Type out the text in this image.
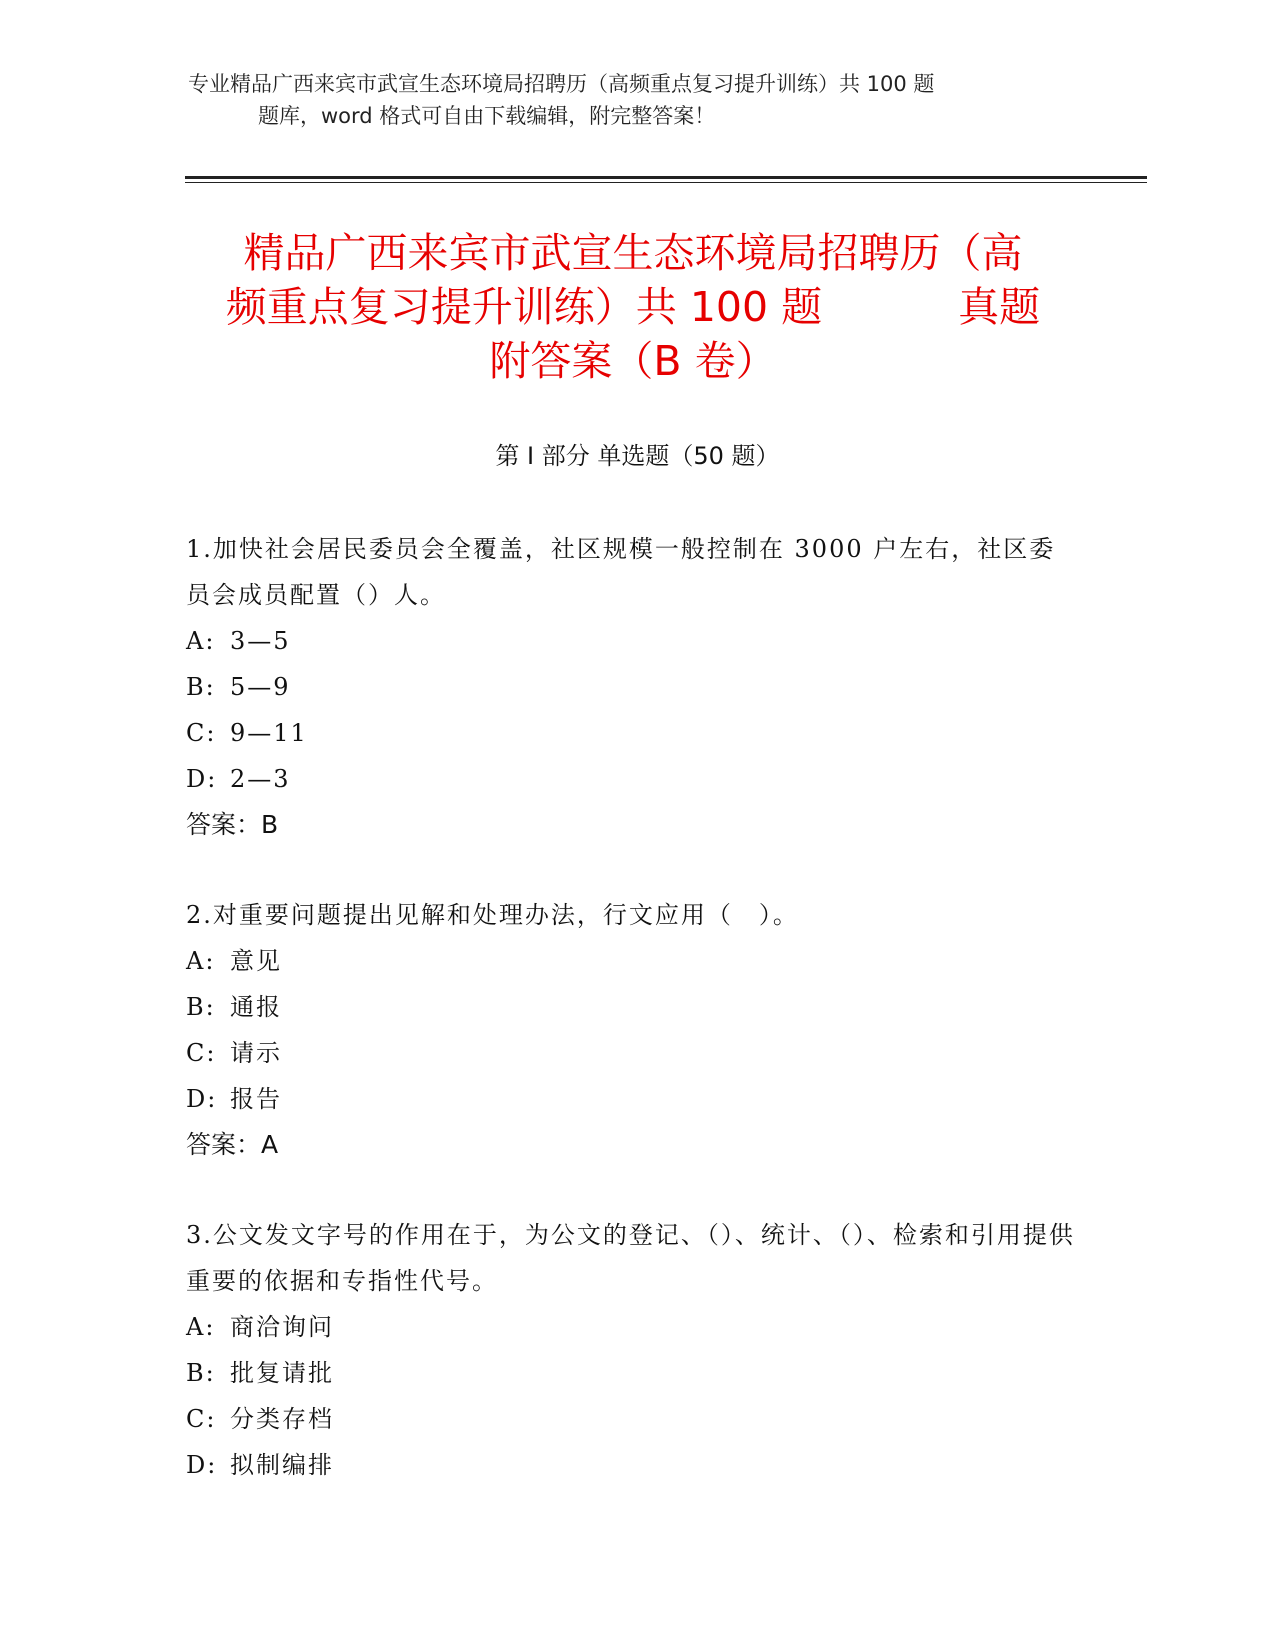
专业精品广西来宾市武宣生态环境局招聘历（高频重点复习提升训练）共 100 题
题库，word 格式可自由下载编辑，附完整答案！
精品广西来宾市武宣生态环境局招聘历（高
频重点复习提升训练）共 100 题 　　　真题
附答案（B 卷）
第 I 部分 单选题（50 题）
1.加快社会居民委员会全覆盖，社区规模一般控制在 3000 户左右，社区委员会成员配置（）人。
A: 3—5
B: 5—9
C: 9—11
D: 2—3
答案：B
2.对重要问题提出见解和处理办法，行文应用（　）。
A: 意见
B: 通报
C: 请示
D: 报告
答案：A
3.公文发文字号的作用在于，为公文的登记、（）、统计、（）、检索和引用提供重要的依据和专指性代号。
A: 商洽询问
B: 批复请批
C: 分类存档
D: 拟制编排
